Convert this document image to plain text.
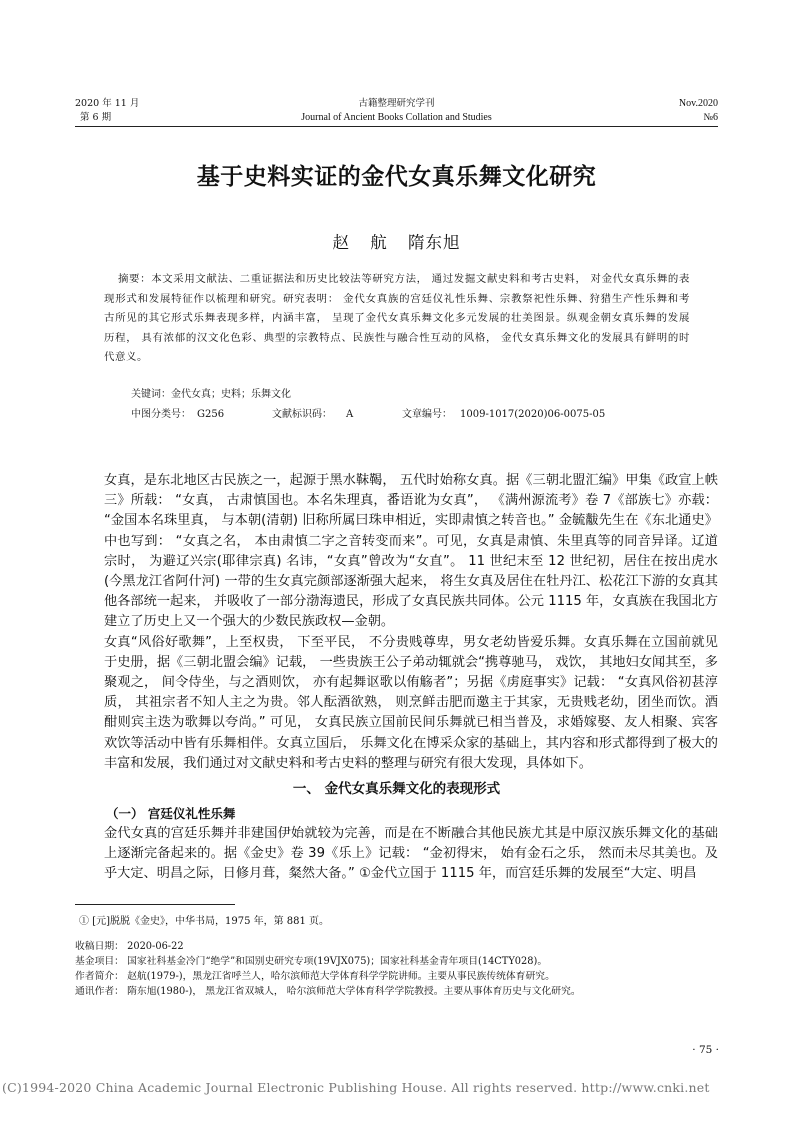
2020 年 11 月
第 6 期
古籍整理研究学刊
Journal of Ancient Books Collation and Studies
Nov.2020
№6
基于史料实证的金代女真乐舞文化研究
赵 航 隋东旭
摘要：本文采用文献法、二重证据法和历史比较法等研究方法， 通过发掘文献史料和考古史料， 对金代女真乐舞的表现形式和发展特征作以梳理和研究。研究表明： 金代女真族的宫廷仪礼性乐舞、宗教祭祀性乐舞、狩猎生产性乐舞和考古所见的其它形式乐舞表现多样，内涵丰富， 呈现了金代女真乐舞文化多元发展的壮美图景。纵观金朝女真乐舞的发展历程， 具有浓郁的汉文化色彩、典型的宗教特点、民族性与融合性互动的风格， 金代女真乐舞文化的发展具有鲜明的时代意义。
关键词：金代女真；史料；乐舞文化
中图分类号： G256	文献标识码： A	文章编号： 1009-1017(2020)06-0075-05

女真，是东北地区古民族之一，起源于黑水靺鞨， 五代时始称女真。据《三朝北盟汇编》甲集《政宣上帙三》所载： “女真， 古肃慎国也。本名朱理真，番语讹为女真”， 《满州源流考》卷 7《部族七》亦载： “金国本名珠里真， 与本朝(清朝) 旧称所属曰珠申相近，实即肃慎之转音也。” 金毓黻先生在《东北通史》中也写到： “女真之名， 本由肃慎二字之音转变而来”。可见，女真是肃慎、朱里真等的同音异译。辽道宗时， 为避辽兴宗(耶律宗真) 名讳，“女真”曾改为“女直”。 11 世纪末至 12 世纪初，居住在按出虎水(今黑龙江省阿什河) 一带的生女真完颜部逐渐强大起来， 将生女真及居住在牡丹江、松花江下游的女真其他各部统一起来， 并吸收了一部分渤海遗民，形成了女真民族共同体。公元 1115 年，女真族在我国北方建立了历史上又一个强大的少数民族政权—金朝。

女真“风俗好歌舞”，上至权贵， 下至平民， 不分贵贱尊卑，男女老幼皆爱乐舞。女真乐舞在立国前就见于史册，据《三朝北盟会编》记载， 一些贵族王公子弟动辄就会“携尊驰马， 戏饮， 其地妇女闻其至，多聚观之， 间令侍坐，与之酒则饮， 亦有起舞讴歌以侑觞者”；另据《虏庭事实》记载： “女真风俗初甚淳质， 其祖宗者不知人主之为贵。邻人酝酒欲熟， 则烹鲜击肥而邀主于其家，无贵贱老幼，团坐而饮。酒酣则宾主迭为歌舞以夸尚。” 可见， 女真民族立国前民间乐舞就已相当普及，求婚嫁娶、友人相聚、宾客欢饮等活动中皆有乐舞相伴。女真立国后， 乐舞文化在博采众家的基础上，其内容和形式都得到了极大的丰富和发展，我们通过对文献史料和考古史料的整理与研究有很大发现，具体如下。

一、 金代女真乐舞文化的表现形式
（一） 宫廷仪礼性乐舞

金代女真的宫廷乐舞并非建国伊始就较为完善，而是在不断融合其他民族尤其是中原汉族乐舞文化的基础上逐渐完备起来的。据《金史》卷 39《乐上》记载： “金初得宋， 始有金石之乐， 然而未尽其美也。及乎大定、明昌之际，日修月葺，粲然大备。” ①金代立国于 1115 年，而宫廷乐舞的发展至“大定、明昌

① [元]脱脱《金史》，中华书局，1975 年，第 881 页。
收稿日期： 2020-06-22
基金项目： 国家社科基金冷门“绝学”和国别史研究专项(19VJX075)；国家社科基金青年项目(14CTY028)。
作者简介： 赵航(1979-)，黑龙江省呼兰人，哈尔滨师范大学体育科学学院讲师。主要从事民族传统体育研究。
通讯作者： 隋东旭(1980-)， 黑龙江省双城人， 哈尔滨师范大学体育科学学院教授。主要从事体育历史与文化研究。
· 75 ·
(C)1994-2020 China Academic Journal Electronic Publishing House. All rights reserved. http://www.cnki.net
